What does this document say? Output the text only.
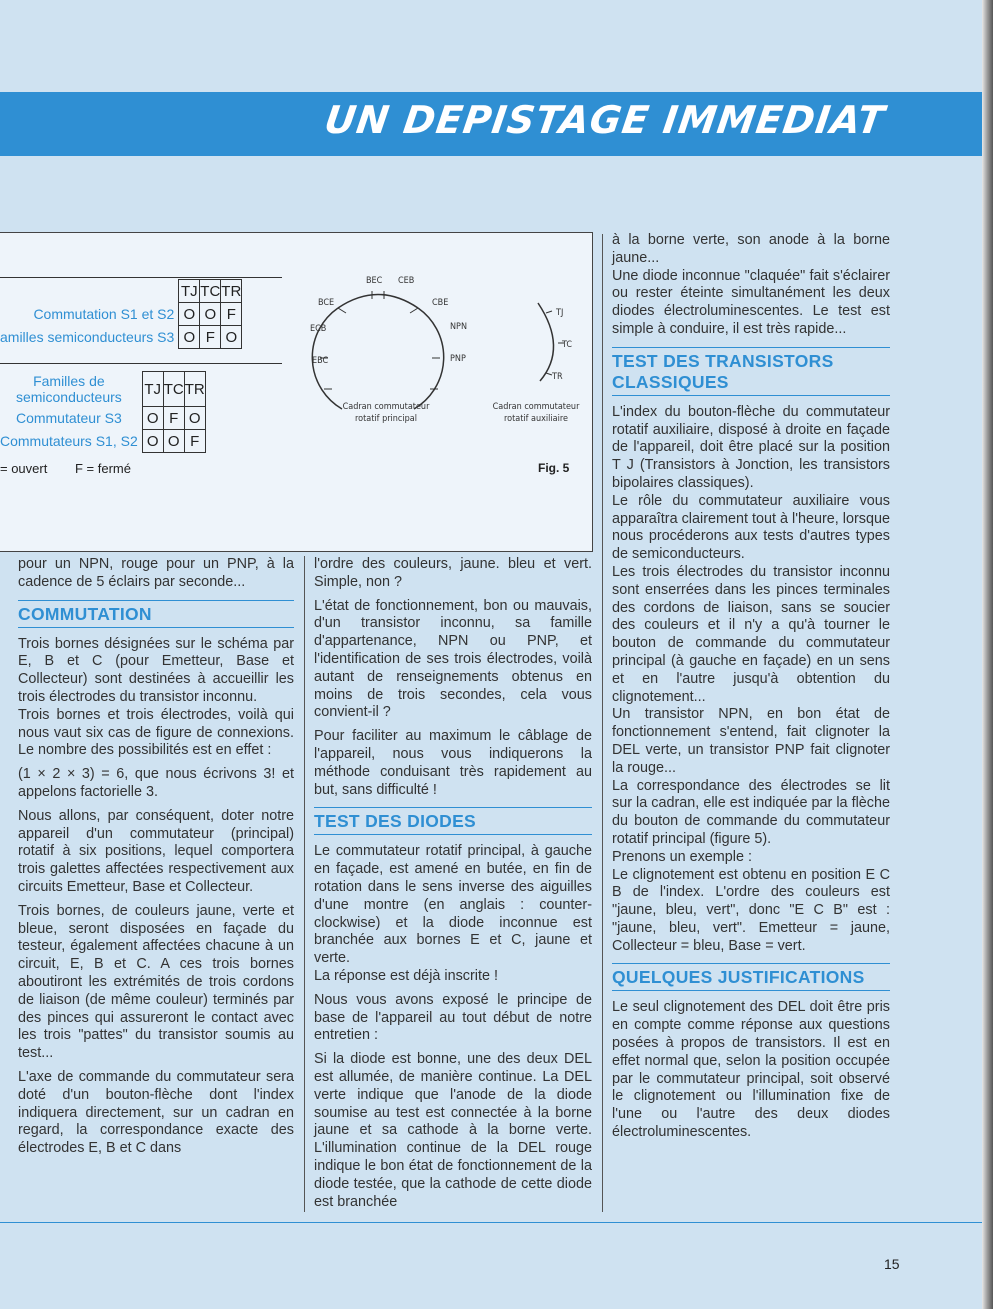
UN DEPISTAGE IMMEDIAT
	TJ	TC	TR
Commutation S1 et S2	O	O	F
amilles semiconducteurs S3	O	F	O
Familles de
semiconducteurs	TJ	TC	TR
Commutateur S3	O	F	O
Commutateurs S1, S2	O	O	F
= ouvert F = fermé
BEC CEB
BCE	CBE
ECB	NPN
EBC	PNP
Cadran commutateur
rotatif principal
TJ
TC
TR
Cadran commutateur
rotatif auxiliaire
Fig. 5

pour un NPN, rouge pour un PNP, à la cadence de 5 éclairs par seconde...

COMMUTATION

Trois bornes désignées sur le schéma par E, B et C (pour Emetteur, Base et Collecteur) sont destinées à accueillir les trois électrodes du transistor inconnu.

Trois bornes et trois électrodes, voilà qui nous vaut six cas de figure de connexions. Le nombre des possibilités est en effet :

(1 × 2 × 3) = 6, que nous écrivons 3! et appelons factorielle 3.

Nous allons, par conséquent, doter notre appareil d'un commutateur (principal) rotatif à six positions, lequel comportera trois galettes affectées respectivement aux circuits Emetteur, Base et Collecteur.

Trois bornes, de couleurs jaune, verte et bleue, seront disposées en façade du testeur, également affectées chacune à un circuit, E, B et C. A ces trois bornes aboutiront les extrémités de trois cordons de liaison (de même couleur) terminés par des pinces qui assureront le contact avec les trois "pattes" du transistor soumis au test...

L'axe de commande du commutateur sera doté d'un bouton-flèche dont l'index indiquera directement, sur un cadran en regard, la correspondance exacte des électrodes E, B et C dans

l'ordre des couleurs, jaune. bleu et vert. Simple, non ?

L'état de fonctionnement, bon ou mauvais, d'un transistor inconnu, sa famille d'appartenance, NPN ou PNP, et l'identification de ses trois électrodes, voilà autant de renseignements obtenus en moins de trois secondes, cela vous convient-il ?

Pour faciliter au maximum le câblage de l'appareil, nous vous indiquerons la méthode conduisant très rapidement au but, sans difficulté !

TEST DES DIODES

Le commutateur rotatif principal, à gauche en façade, est amené en butée, en fin de rotation dans le sens inverse des aiguilles d'une montre (en anglais : counter-clockwise) et la diode inconnue est branchée aux bornes E et C, jaune et verte.

La réponse est déjà inscrite !

Nous vous avons exposé le principe de base de l'appareil au tout début de notre entretien :

Si la diode est bonne, une des deux DEL est allumée, de manière continue. La DEL verte indique que l'anode de la diode soumise au test est connectée à la borne jaune et sa cathode à la borne verte. L'illumination continue de la DEL rouge indique le bon état de fonctionnement de la diode testée, que la cathode de cette diode est branchée

à la borne verte, son anode à la borne jaune...

Une diode inconnue "claquée" fait s'éclairer ou rester éteinte simultanément les deux diodes électroluminescentes. Le test est simple à conduire, il est très rapide...

TEST DES TRANSISTORS CLASSIQUES

L'index du bouton-flèche du commutateur rotatif auxiliaire, disposé à droite en façade de l'appareil, doit être placé sur la position T J (Transistors à Jonction, les transistors bipolaires classiques).

Le rôle du commutateur auxiliaire vous apparaîtra clairement tout à l'heure, lorsque nous procéderons aux tests d'autres types de semiconducteurs.

Les trois électrodes du transistor inconnu sont enserrées dans les pinces terminales des cordons de liaison, sans se soucier des couleurs et il n'y a qu'à tourner le bouton de commande du commutateur principal (à gauche en façade) en un sens et en l'autre jusqu'à obtention du clignotement...

Un transistor NPN, en bon état de fonctionnement s'entend, fait clignoter la DEL verte, un transistor PNP fait clignoter la rouge...

La correspondance des électrodes se lit sur la cadran, elle est indiquée par la flèche du bouton de commande du commutateur rotatif principal (figure 5).

Prenons un exemple :

Le clignotement est obtenu en position E C B de l'index. L'ordre des couleurs est "jaune, bleu, vert", donc "E C B" est : "jaune, bleu, vert". Emetteur = jaune, Collecteur = bleu, Base = vert.

QUELQUES JUSTIFICATIONS

Le seul clignotement des DEL doit être pris en compte comme réponse aux questions posées à propos de transistors. Il est en effet normal que, selon la position occupée par le commutateur principal, soit observé le clignotement ou l'illumination fixe de l'une ou l'autre des deux diodes électroluminescentes.

15
